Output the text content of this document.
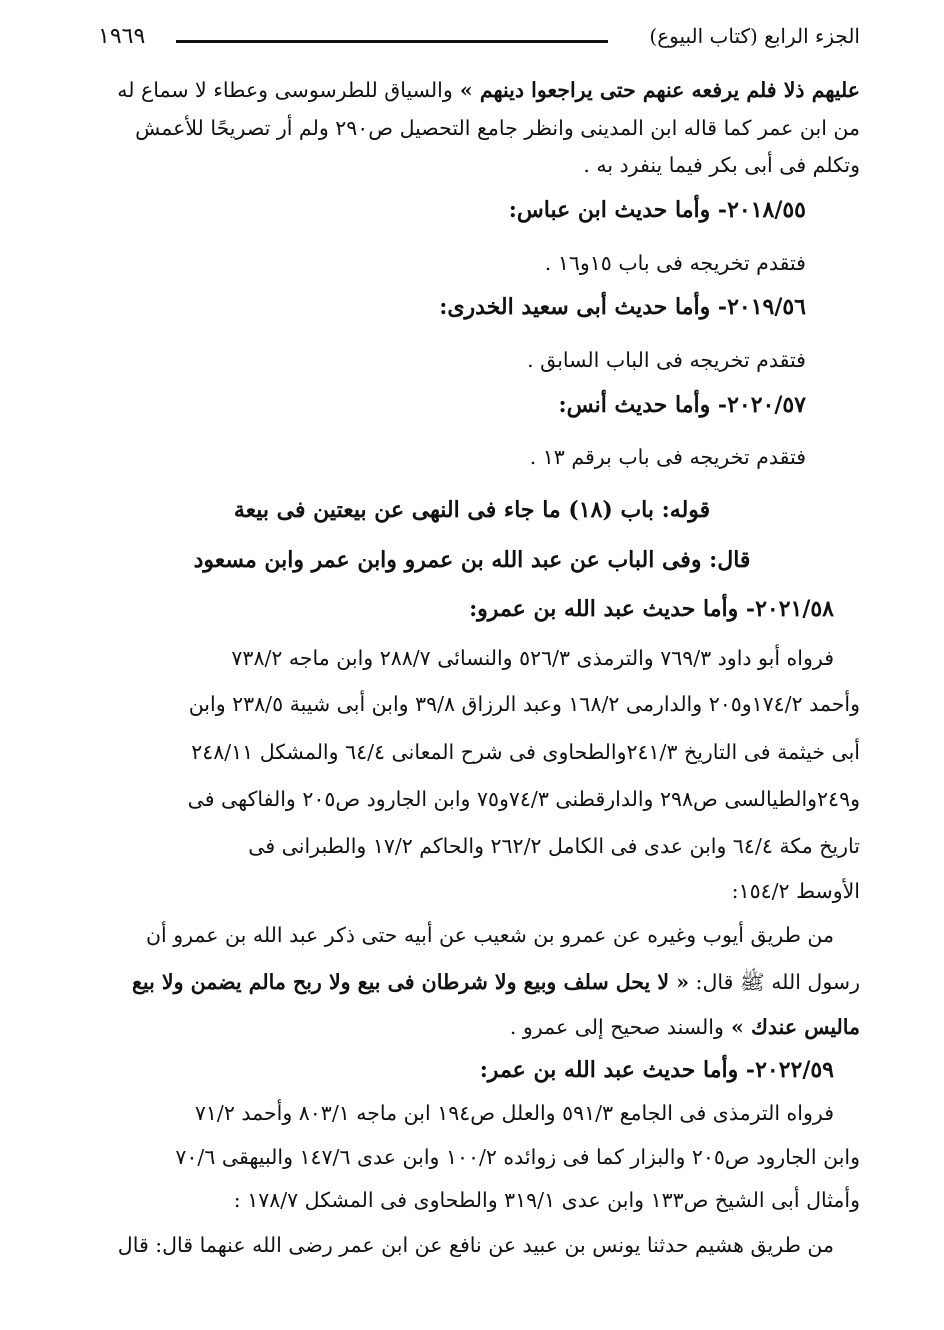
الجزء الرابع (كتاب البيوع)
١٩٦٩
عليهم ذلا فلم يرفعه عنهم حتى يراجعوا دينهم » والسياق للطرسوسى وعطاء لا سماع له
من ابن عمر كما قاله ابن المدينى وانظر جامع التحصيل ص٢٩٠ ولم أر تصريحًا للأعمش
وتكلم فى أبى بكر فيما ينفرد به .
٢٠١٨/٥٥- وأما حديث ابن عباس:
فتقدم تخريجه فى باب ١٥و١٦ .
٢٠١٩/٥٦- وأما حديث أبى سعيد الخدرى:
فتقدم تخريجه فى الباب السابق .
٢٠٢٠/٥٧- وأما حديث أنس:
فتقدم تخريجه فى باب برقم ١٣ .
قوله: باب (١٨) ما جاء فى النهى عن بيعتين فى بيعة
قال: وفى الباب عن عبد الله بن عمرو وابن عمر وابن مسعود
٢٠٢١/٥٨- وأما حديث عبد الله بن عمرو:
فرواه أبو داود ٧٦٩/٣ والترمذى ٥٢٦/٣ والنسائى ٢٨٨/٧ وابن ماجه ٧٣٨/٢
وأحمد ١٧٤/٢و٢٠٥ والدارمى ١٦٨/٢ وعبد الرزاق ٣٩/٨ وابن أبى شيبة ٢٣٨/٥ وابن
أبى خيثمة فى التاريخ ٢٤١/٣والطحاوى فى شرح المعانى ٦٤/٤ والمشكل ٢٤٨/١١
و٢٤٩والطيالسى ص٢٩٨ والدارقطنى ٧٤/٣و٧٥ وابن الجارود ص٢٠٥ والفاكهى فى
تاريخ مكة ٦٤/٤ وابن عدى فى الكامل ٢٦٢/٢ والحاكم ١٧/٢ والطبرانى فى
الأوسط ١٥٤/٢:
من طريق أيوب وغيره عن عمرو بن شعيب عن أبيه حتى ذكر عبد الله بن عمرو أن
رسول الله ﷺ قال: « لا يحل سلف وبيع ولا شرطان فى بيع ولا ربح مالم يضمن ولا بيع
ماليس عندك » والسند صحيح إلى عمرو .
٢٠٢٢/٥٩- وأما حديث عبد الله بن عمر:
فرواه الترمذى فى الجامع ٥٩١/٣ والعلل ص١٩٤ ابن ماجه ٨٠٣/١ وأحمد ٧١/٢
وابن الجارود ص٢٠٥ والبزار كما فى زوائده ١٠٠/٢ وابن عدى ١٤٧/٦ والبيهقى ٧٠/٦
وأمثال أبى الشيخ ص١٣٣ وابن عدى ٣١٩/١ والطحاوى فى المشكل ١٧٨/٧ :
من طريق هشيم حدثنا يونس بن عبيد عن نافع عن ابن عمر رضى الله عنهما قال: قال
